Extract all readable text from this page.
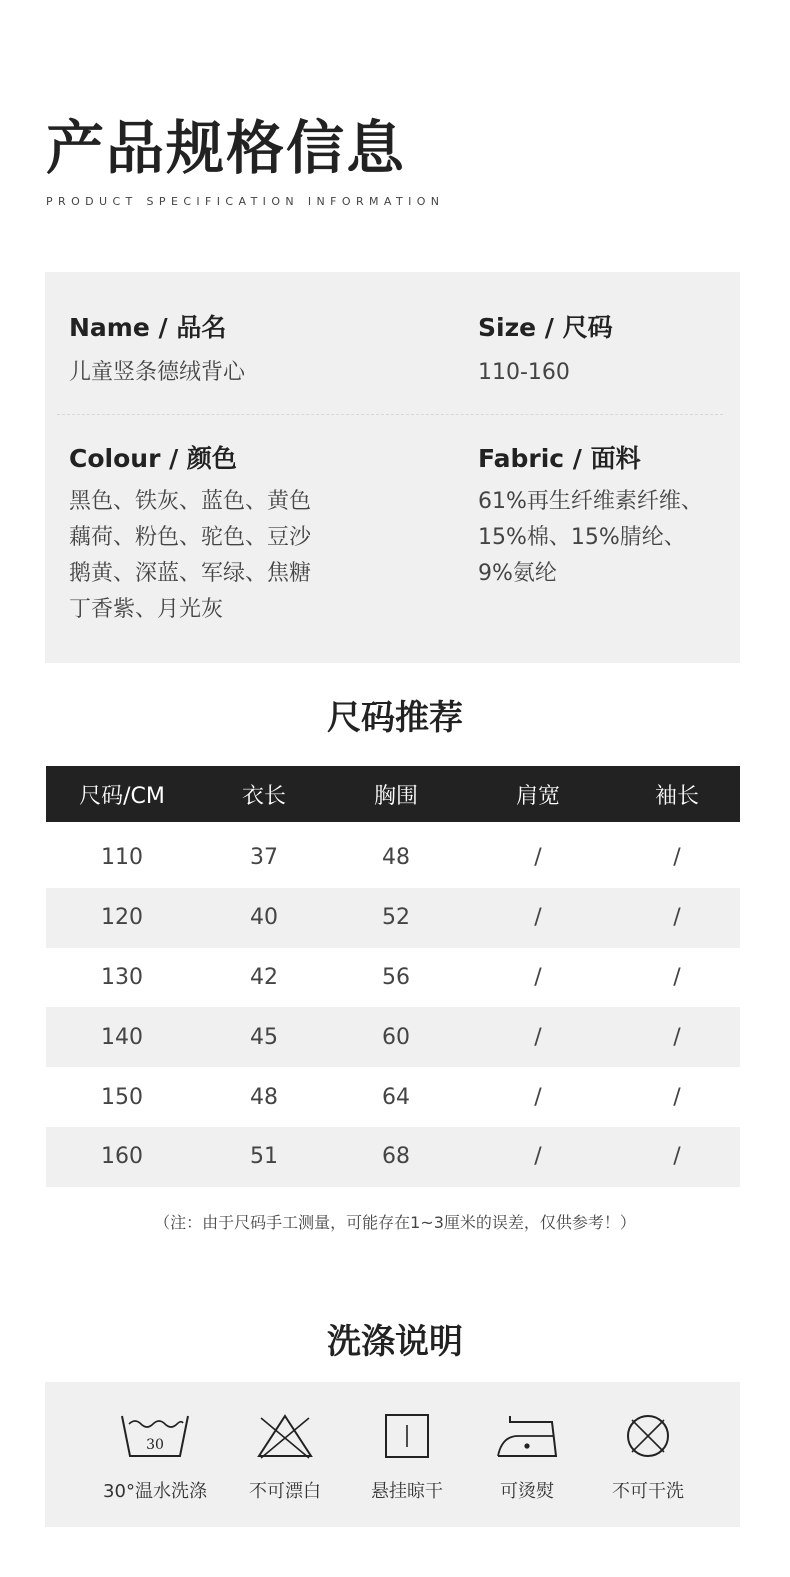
产品规格信息
PRODUCT SPECIFICATION INFORMATION
Name / 品名
儿童竖条德绒背心
Size / 尺码
110-160
Colour / 颜色
黑色、铁灰、蓝色、黄色
藕荷、粉色、驼色、豆沙
鹅黄、深蓝、军绿、焦糖
丁香紫、月光灰
Fabric / 面料
61%再生纤维素纤维、
15%棉、15%腈纶、
9%氨纶
尺码推荐
尺码/CM	衣长	胸围	肩宽	袖长
110	37	48	/	/
120	40	52	/	/
130	42	56	/	/
140	45	60	/	/
150	48	64	/	/
160	51	68	/	/
（注：由于尺码手工测量，可能存在1~3厘米的误差，仅供参考！）
洗涤说明
30
30°温水洗涤	不可漂白	悬挂晾干	可烫熨	不可干洗
